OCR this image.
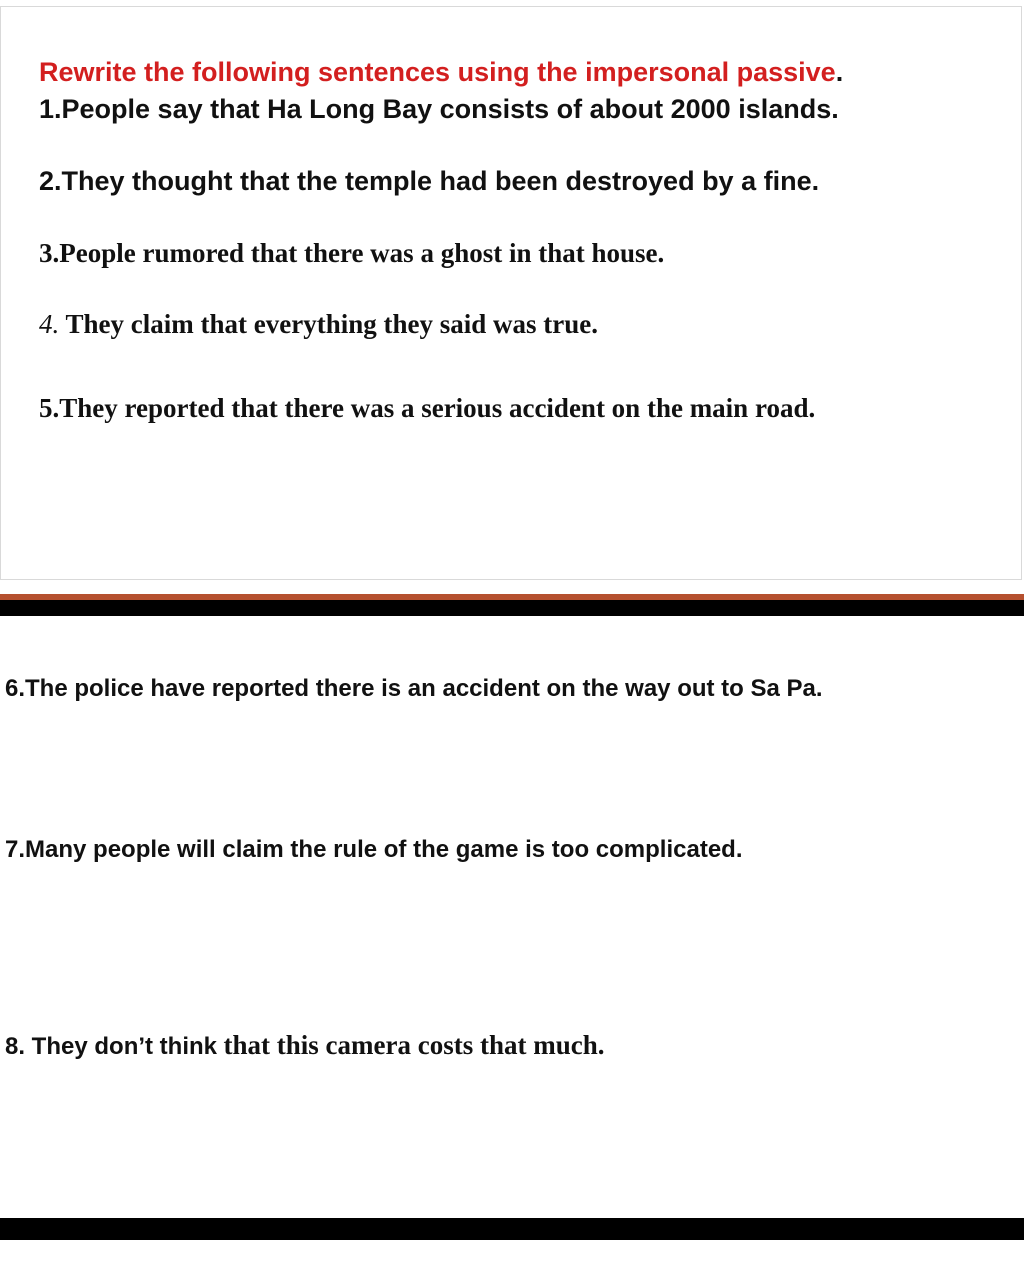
Rewrite the following sentences using the impersonal passive.
1.People say that Ha Long Bay consists of about 2000 islands.
2.They thought that the temple had been destroyed by a fine.
3.People rumored that there was a ghost in that house.
4. They claim that everything they said was true.
5.They reported that there was a serious accident on the main road.
6.The police have reported there is an accident on the way out to Sa Pa.
7.Many people will claim the rule of the game is too complicated.
8. They don’t think that this camera costs that much.
